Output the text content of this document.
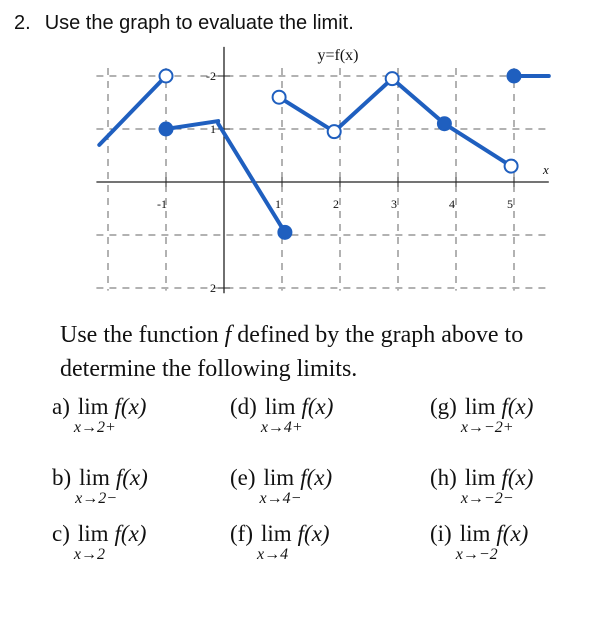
2. Use the graph to evaluate the limit.
-1	1	2	3	4	5
2
1
-2
y=f(x)
x
Use the function f defined by the graph above to
determine the following limits.
a) lim
x→2+
f(x)
b) lim
x→2−
f(x)
c) lim
x→2
f(x)
(d) lim
x→4+
f(x)
(e) lim
x→4−
f(x)
(f) lim
x→4
f(x)
(g) lim
x→−2+
f(x)
(h) lim
x→−2−
f(x)
(i) lim
x→−2
f(x)
